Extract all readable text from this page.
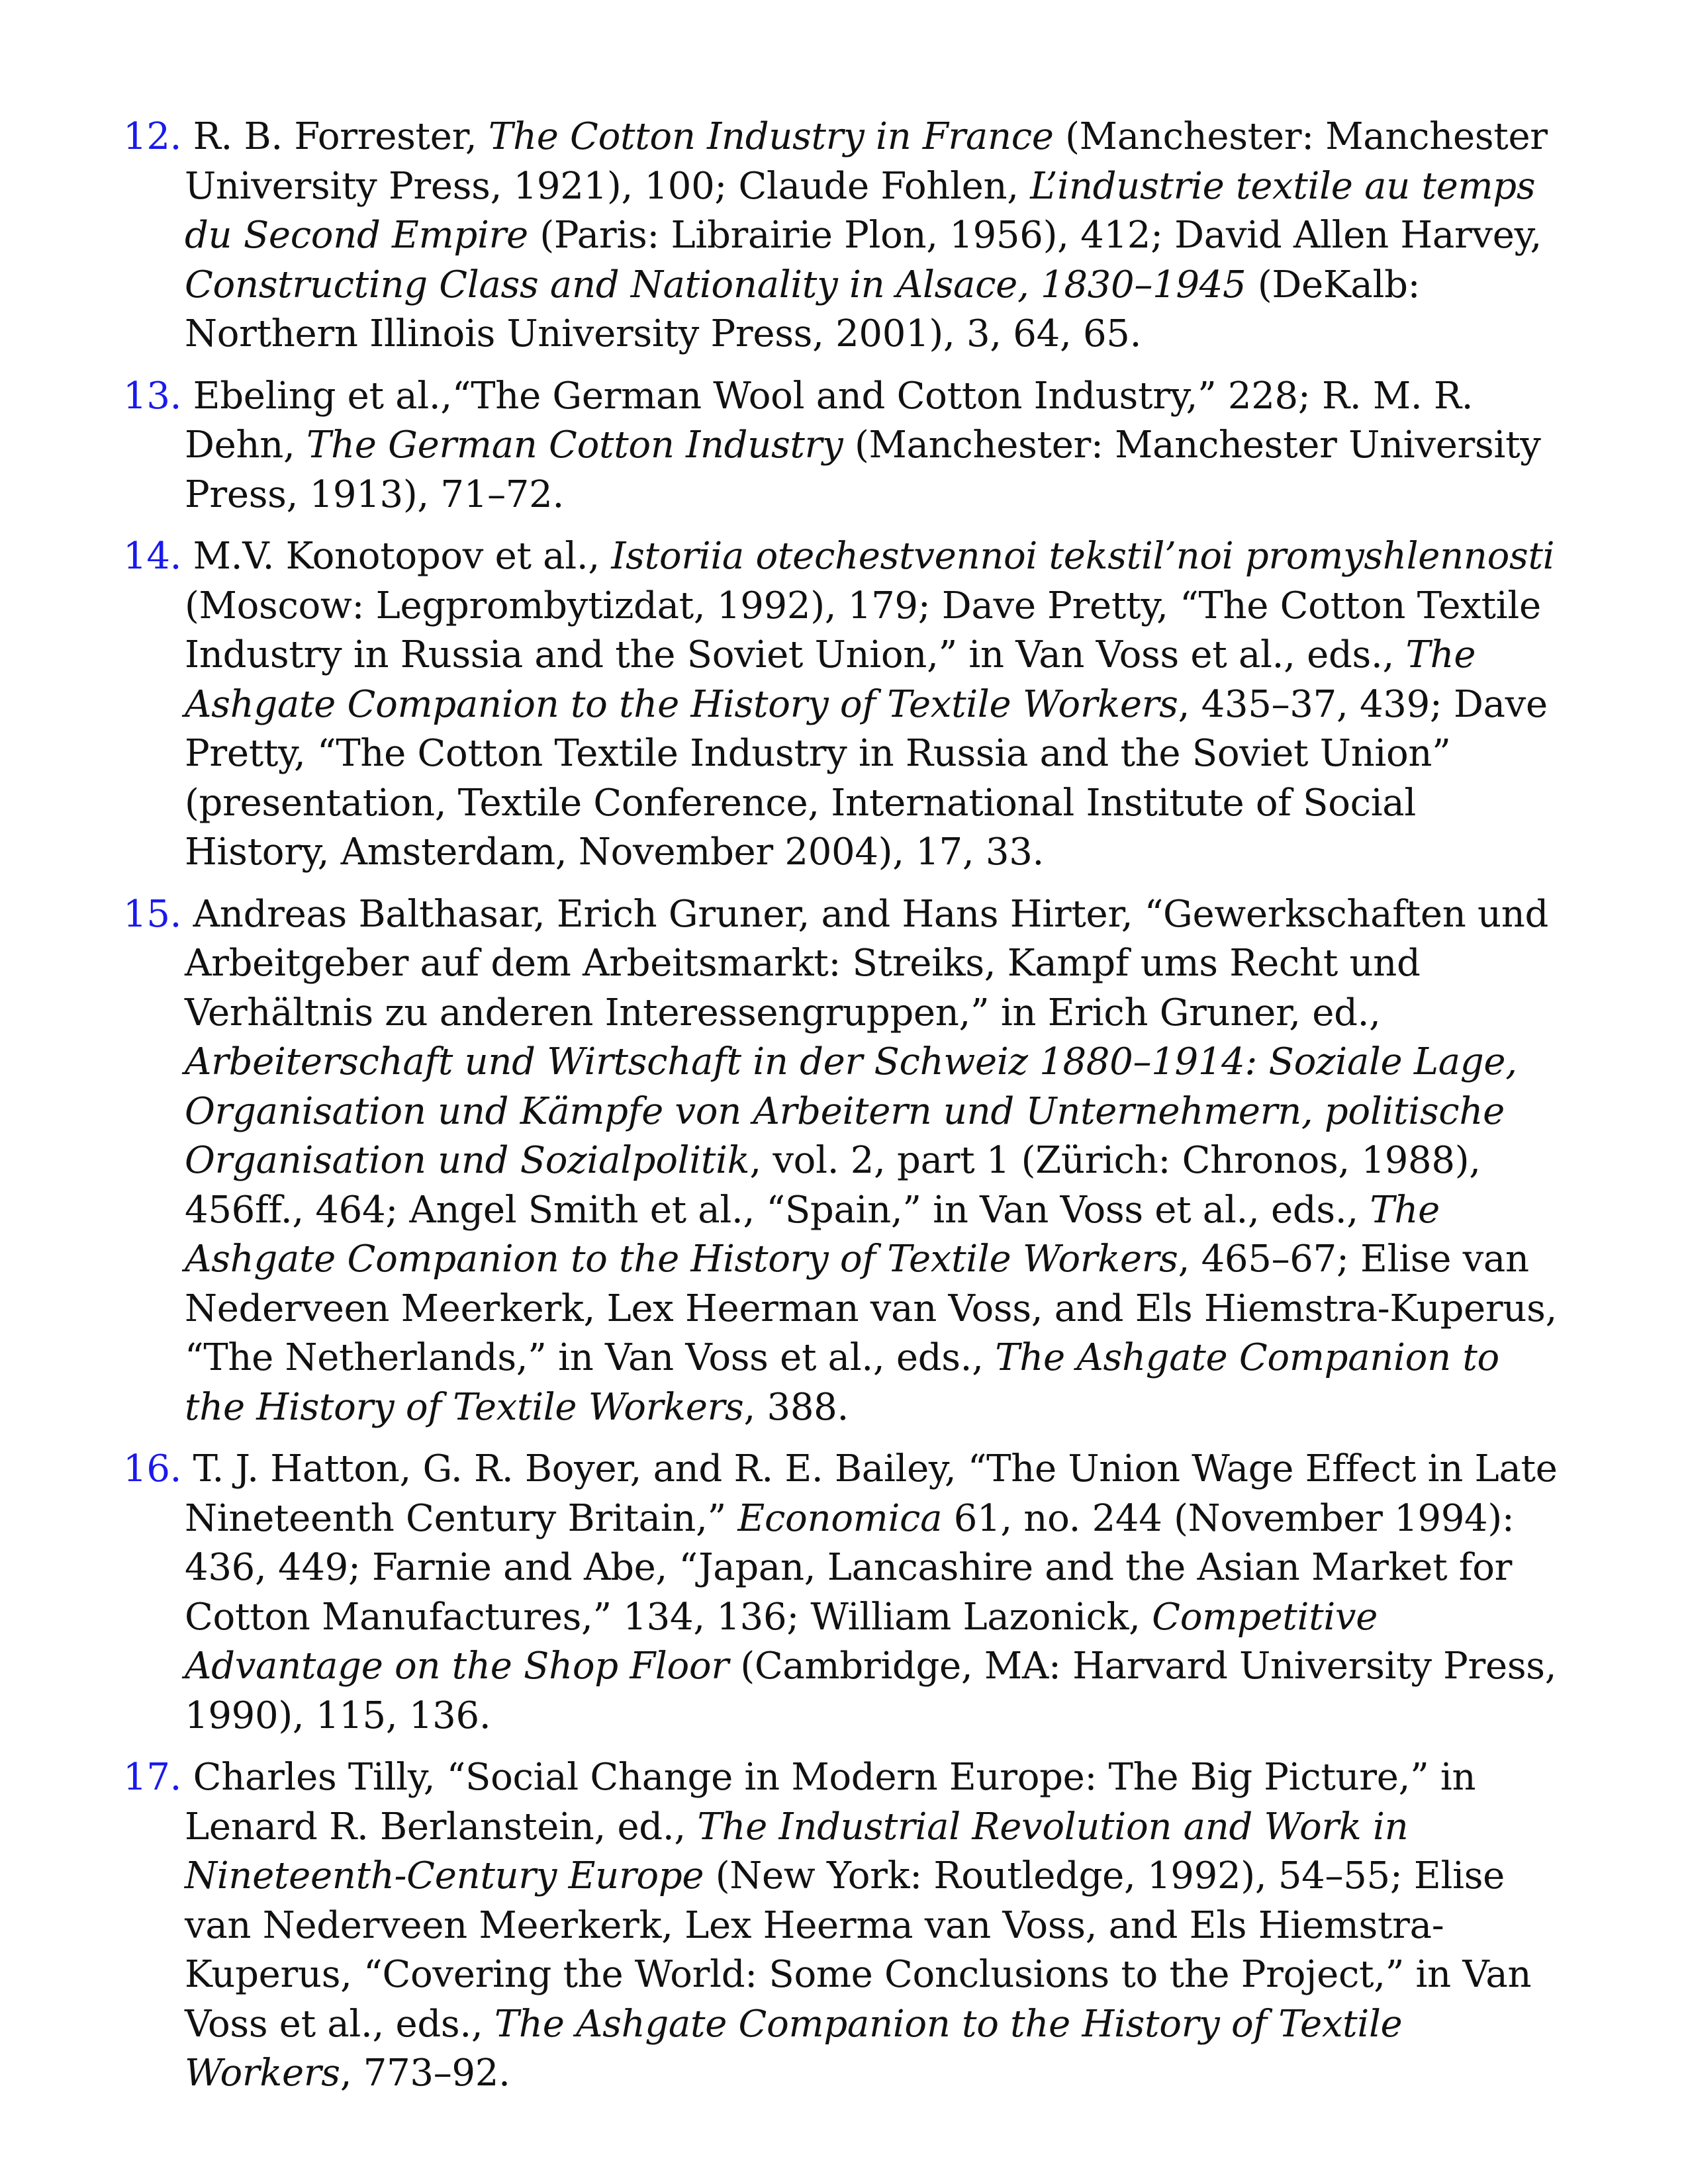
12. R. B. Forrester, The Cotton Industry in France (Manchester: Manchester University Press, 1921), 100; Claude Fohlen, L’industrie textile au temps du Second Empire (Paris: Librairie Plon, 1956), 412; David Allen Harvey, Constructing Class and Nationality in Alsace, 1830–1945 (DeKalb: Northern Illinois University Press, 2001), 3, 64, 65.
13. Ebeling et al.,“The German Wool and Cotton Industry,” 228; R. M. R. Dehn, The German Cotton Industry (Manchester: Manchester University Press, 1913), 71–72.
14. M.V. Konotopov et al., Istoriia otechestvennoi tekstil’noi promyshlennosti (Moscow: Legprombytizdat, 1992), 179; Dave Pretty, “The Cotton Textile Industry in Russia and the Soviet Union,” in Van Voss et al., eds., The Ashgate Companion to the History of Textile Workers, 435–37, 439; Dave Pretty, “The Cotton Textile Industry in Russia and the Soviet Union” (presentation, Textile Conference, International Institute of Social History, Amsterdam, November 2004), 17, 33.
15. Andreas Balthasar, Erich Gruner, and Hans Hirter, “Gewerkschaften und Arbeitgeber auf dem Arbeitsmarkt: Streiks, Kampf ums Recht und Verhältnis zu anderen Interessengruppen,” in Erich Gruner, ed., Arbeiterschaft und Wirtschaft in der Schweiz 1880–1914: Soziale Lage, Organisation und Kämpfe von Arbeitern und Unternehmern, politische Organisation und Sozialpolitik, vol. 2, part 1 (Zürich: Chronos, 1988), 456ff., 464; Angel Smith et al., “Spain,” in Van Voss et al., eds., The Ashgate Companion to the History of Textile Workers, 465–67; Elise van Nederveen Meerkerk, Lex Heerman van Voss, and Els Hiemstra-Kuperus, “The Netherlands,” in Van Voss et al., eds., The Ashgate Companion to the History of Textile Workers, 388.
16. T. J. Hatton, G. R. Boyer, and R. E. Bailey, “The Union Wage Effect in Late Nineteenth Century Britain,” Economica 61, no. 244 (November 1994): 436, 449; Farnie and Abe, “Japan, Lancashire and the Asian Market for Cotton Manufactures,” 134, 136; William Lazonick, Competitive Advantage on the Shop Floor (Cambridge, MA: Harvard University Press, 1990), 115, 136.
17. Charles Tilly, “Social Change in Modern Europe: The Big Picture,” in Lenard R. Berlanstein, ed., The Industrial Revolution and Work in Nineteenth-Century Europe (New York: Routledge, 1992), 54–55; Elise van Nederveen Meerkerk, Lex Heerma van Voss, and Els Hiemstra-Kuperus, “Covering the World: Some Conclusions to the Project,” in Van Voss et al., eds., The Ashgate Companion to the History of Textile Workers, 773–92.
